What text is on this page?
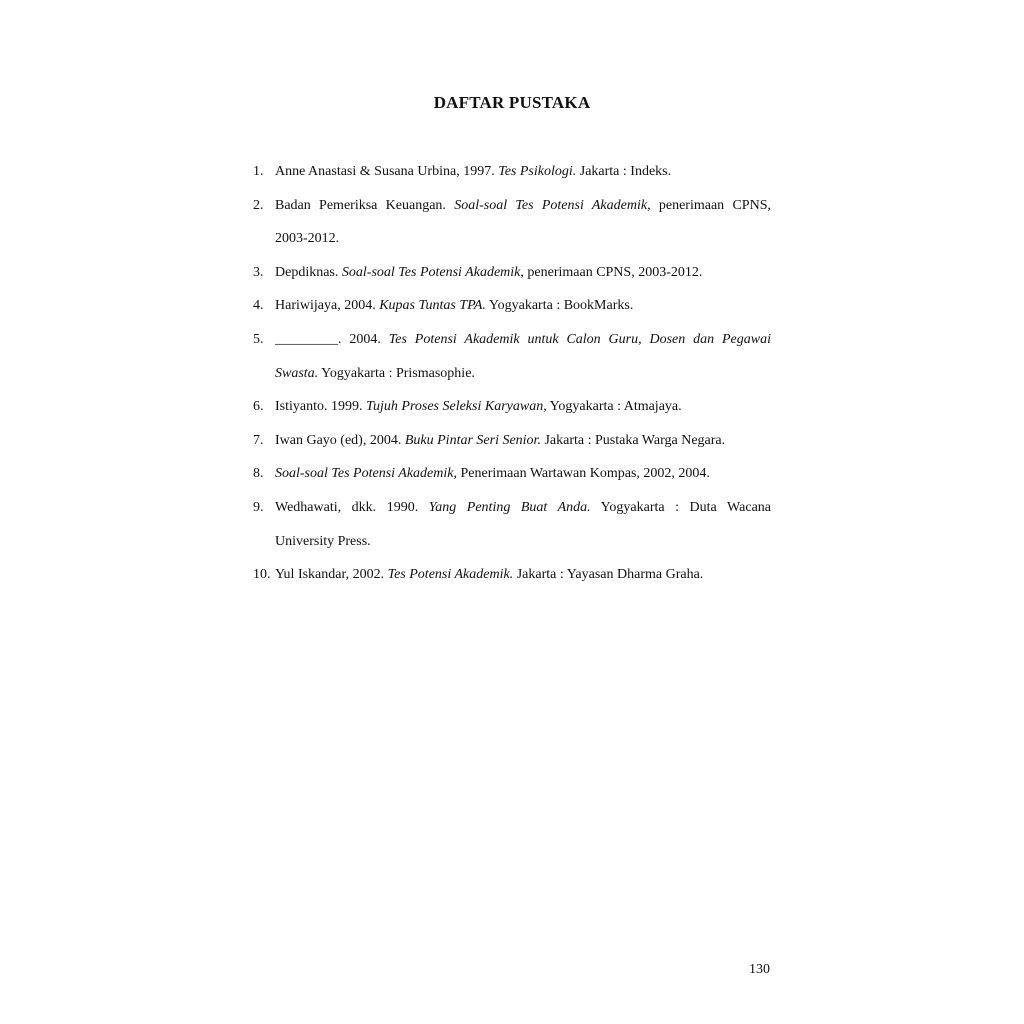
DAFTAR PUSTAKA
1. Anne Anastasi & Susana Urbina, 1997. Tes Psikologi. Jakarta : Indeks.
2. Badan Pemeriksa Keuangan. Soal-soal Tes Potensi Akademik, penerimaan CPNS,
2003-2012.
3. Depdiknas. Soal-soal Tes Potensi Akademik, penerimaan CPNS, 2003-2012.
4. Hariwijaya, 2004. Kupas Tuntas TPA. Yogyakarta : BookMarks.
5. _________. 2004. Tes Potensi Akademik untuk Calon Guru, Dosen dan Pegawai
Swasta. Yogyakarta : Prismasophie.
6. Istiyanto. 1999. Tujuh Proses Seleksi Karyawan, Yogyakarta : Atmajaya.
7. Iwan Gayo (ed), 2004. Buku Pintar Seri Senior. Jakarta : Pustaka Warga Negara.
8. Soal-soal Tes Potensi Akademik, Penerimaan Wartawan Kompas, 2002, 2004.
9. Wedhawati, dkk. 1990. Yang Penting Buat Anda. Yogyakarta : Duta Wacana
University Press.
10. Yul Iskandar, 2002. Tes Potensi Akademik. Jakarta : Yayasan Dharma Graha.
130
